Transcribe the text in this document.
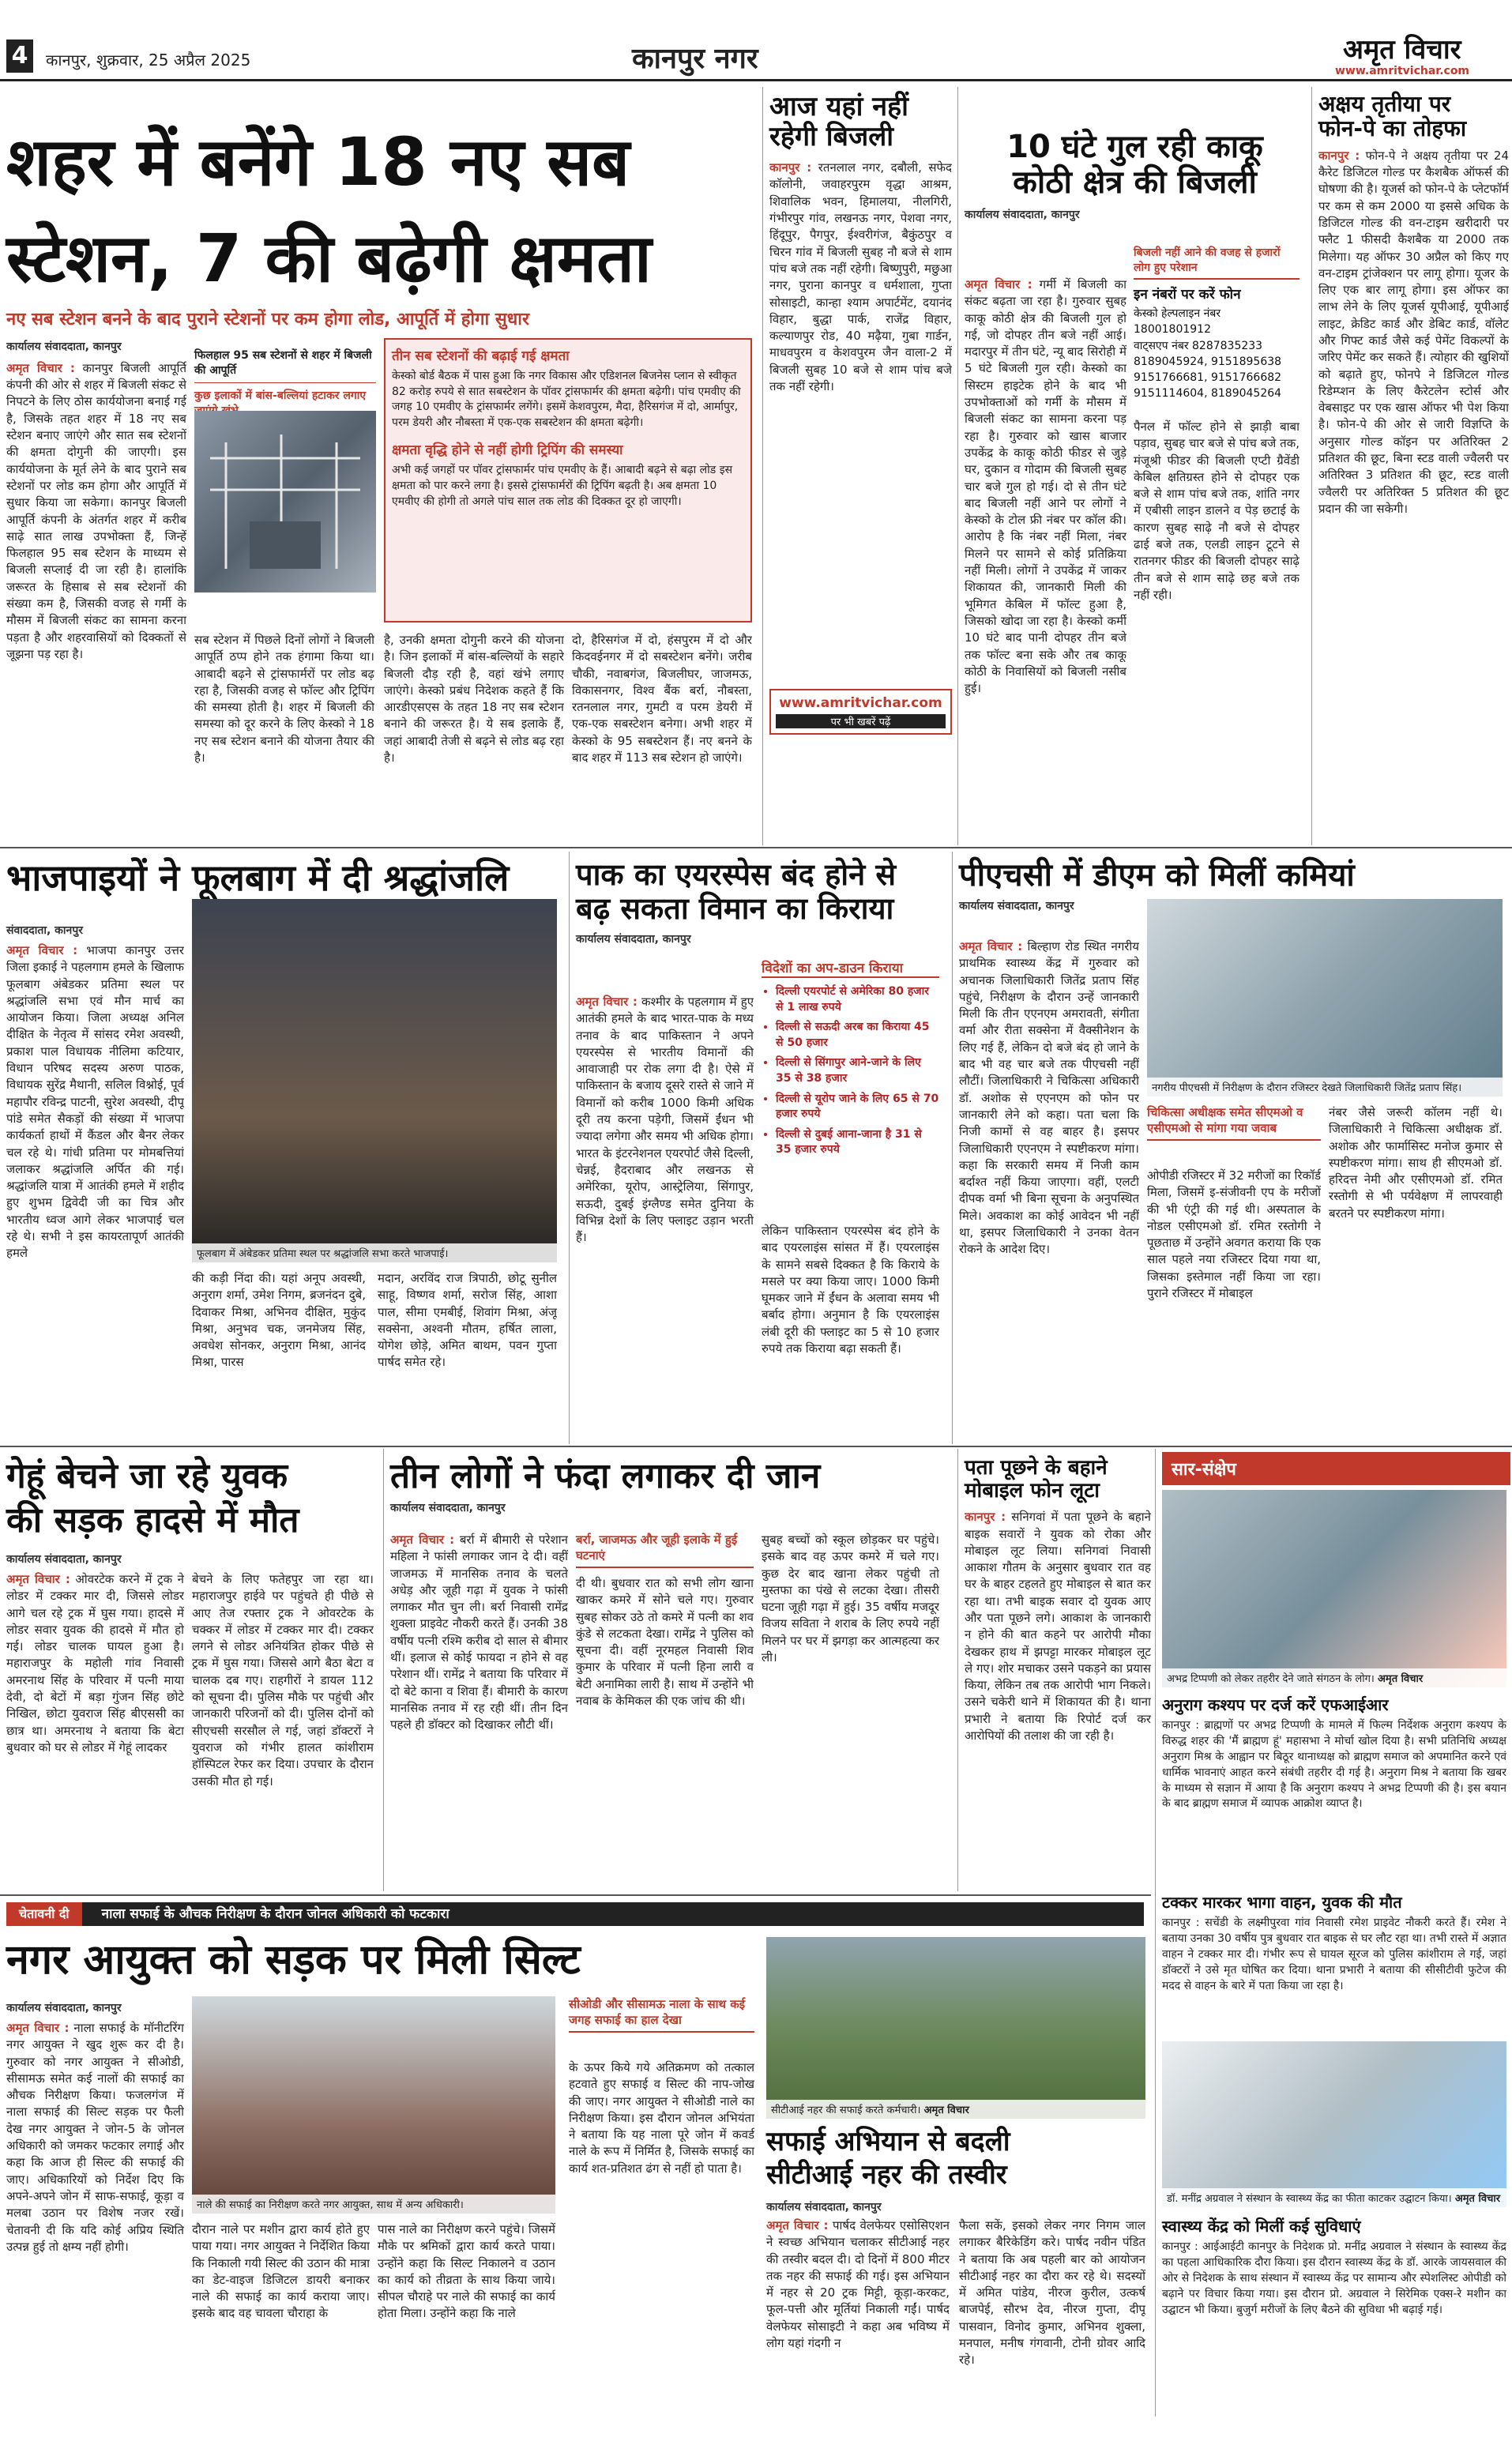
4	कानपुर, शुक्रवार, 25 अप्रैल 2025	कानपुर नगर	अमृत विचार
www.amritvichar.com
शहर में बनेंगे 18 नए सब
स्टेशन, 7 की बढ़ेगी क्षमता
नए सब स्टेशन बनने के बाद पुराने स्टेशनों पर कम होगा लोड, आपूर्ति में होगा सुधार
कार्यालय संवाददाता, कानपुर

अमृत विचार : कानपुर बिजली आपूर्ति कंपनी की ओर से शहर में बिजली संकट से निपटने के लिए ठोस कार्ययोजना बनाई गई है, जिसके तहत शहर में 18 नए सब स्टेशन बनाए जाएंगे और सात सब स्टेशनों की क्षमता दोगुनी की जाएगी। इस कार्ययोजना के मूर्त लेने के बाद पुराने सब स्टेशनों पर लोड कम होगा और आपूर्ति में सुधार किया जा सकेगा। कानपुर बिजली आपूर्ति कंपनी के अंतर्गत शहर में करीब साढ़े सात लाख उपभोक्ता हैं, जिन्हें फिलहाल 95 सब स्टेशन के माध्यम से बिजली सप्लाई दी जा रही है। हालांकि जरूरत के हिसाब से सब स्टेशनों की संख्या कम है, जिसकी वजह से गर्मी के मौसम में बिजली संकट का सामना करना पड़ता है और शहरवासियों को दिक्कतों से जूझना पड़ रहा है।

फिलहाल 95 सब स्टेशनों से शहर में बिजली की आपूर्ति
कुछ इलाकों में बांस-बल्लियां हटाकर लगाए
तीन सब स्टेशनों की बढ़ाई गई क्षमता
केस्को बोर्ड बैठक में पास हुआ कि नगर विकास और एडिशनल बिजनेस प्लान से स्वीकृत 82 करोड़ रुपये से सात सबस्टेशन के पॉवर ट्रांसफार्मर की क्षमता बढ़ेगी। पांच एमवीए की जगह 10 एमवीए के ट्रांसफार्मर लगेंगे। इसमें केशवपुरम, मैदा, हैरिसगंज में दो, आर्मापुर, परम डेयरी और नौबस्ता में एक-एक सबस्टेशन की क्षमता बढ़ेगी।
क्षमता वृद्धि होने से नहीं होगी ट्रिपिंग की समस्या
अभी कई जगहों पर पॉवर ट्रांसफार्मर पांच एमवीए के हैं। आबादी बढ़ने से बढ़ा लोड इस क्षमता को पार करने लगा है। इससे ट्रांसफार्मरों की ट्रिपिंग बढ़ती है। अब क्षमता 10 एमवीए की होगी तो अगले पांच साल तक लोड की दिक्कत दूर हो जाएगी।
सब स्टेशन में पिछले दिनों लोगों ने बिजली आपूर्ति ठप्प होने तक हंगामा किया था। आबादी बढ़ने से ट्रांसफार्मरों पर लोड बढ़ रहा है, जिसकी वजह से फॉल्ट और ट्रिपिंग की समस्या होती है। शहर में बिजली की समस्या को दूर करने के लिए केस्को ने 18 नए सब स्टेशन बनाने की योजना तैयार की है।
है, उनकी क्षमता दोगुनी करने की योजना है। जिन इलाकों में बांस-बल्लियों के सहारे बिजली दौड़ रही है, वहां खंभे लगाए जाएंगे। केस्को प्रबंध निदेशक कहते हैं कि आरडीएसएस के तहत 18 नए सब स्टेशन बनाने की जरूरत है। ये सब इलाके हैं, जहां आबादी तेजी से बढ़ने से लोड बढ़ रहा है।
दो, हैरिसगंज में दो, हंसपुरम में दो और किदवईनगर में दो सबस्टेशन बनेंगे। जरीब चौकी, नवाबगंज, बिजलीघर, जाजमऊ, विकासनगर, विश्व बैंक बर्रा, नौबस्ता, रतनलाल नगर, गुमटी व परम डेयरी में एक-एक सबस्टेशन बनेगा। अभी शहर में केस्को के 95 सबस्टेशन हैं। नए बनने के बाद शहर में 113 सब स्टेशन हो जाएंगे।
आज यहां नहीं
रहेगी बिजली
कानपुर : रतनलाल नगर, दबौली, सफेद कॉलोनी, जवाहरपुरम वृद्धा आश्रम, शिवालिक भवन, हिमालया, नीलगिरी, गंभीरपुर गांव, लखनऊ नगर, पेशवा नगर, हिंदूपुर, पैगपुर, ईश्वरीगंज, बैकुंठपुर व चिरन गांव में बिजली सुबह नौ बजे से शाम पांच बजे तक नहीं रहेगी। बिष्णुपुरी, मछुआ नगर, पुराना कानपुर व धर्मशाला, गुप्ता सोसाइटी, कान्हा श्याम अपार्टमेंट, दयानंद विहार, बुद्धा पार्क, राजेंद्र विहार, कल्याणपुर रोड, 40 मढ़ैया, गुबा गार्डन, माधवपुरम व केशवपुरम जैन वाला-2 में बिजली सुबह 10 बजे से शाम पांच बजे तक नहीं रहेगी।
www.amritvichar.com
पर भी खबरें पढ़ें
10 घंटे गुल रही काकू
कोठी क्षेत्र की बिजली
कार्यालय संवाददाता, कानपुर
अमृत विचार : गर्मी में बिजली का संकट बढ़ता जा रहा है। गुरुवार सुबह काकू कोठी क्षेत्र की बिजली गुल हो गई, जो दोपहर तीन बजे नहीं आई। मदारपुर में तीन घंटे, न्यू बाद सिरोही में 5 घंटे बिजली गुल रही। केस्को का सिस्टम हाइटेक होने के बाद भी उपभोक्ताओं को गर्मी के मौसम में बिजली संकट का सामना करना पड़ रहा है। गुरुवार को खास बाजार उपकेंद्र के काकू कोठी फीडर से जुड़े घर, दुकान व गोदाम की बिजली सुबह चार बजे गुल हो गई। दो से तीन घंटे बाद बिजली नहीं आने पर लोगों ने केस्को के टोल फ्री नंबर पर कॉल की। आरोप है कि नंबर नहीं मिला, नंबर मिलने पर सामने से कोई प्रतिक्रिया नहीं मिली। लोगों ने उपकेंद्र में जाकर शिकायत की, जानकारी मिली की भूमिगत केबिल में फॉल्ट हुआ है, जिसको खोदा जा रहा है। केस्को कर्मी 10 घंटे बाद पानी दोपहर तीन बजे तक फॉल्ट बना सके और तब काकू कोठी के निवासियों को बिजली नसीब हुई।
बिजली नहीं आने की वजह से हजारों लोग हुए परेशान
इन नंबरों पर करें फोन
केस्को हेल्पलाइन नंबर
18001801912
वाट्सएप नंबर 8287835233
8189045924, 9151895638
9151766681, 9151766682
9151114604, 8189045264
पैनल में फॉल्ट होने से झाड़ी बाबा पड़ाव, सुबह चार बजे से पांच बजे तक, मंजूश्री फीडर की बिजली एप्टी ग्रैवेंडी केबिल क्षतिग्रस्त होने से दोपहर एक बजे से शाम पांच बजे तक, शांति नगर में एबीसी लाइन डालने व पेड़ छटाई के कारण सुबह साढ़े नौ बजे से दोपहर ढाई बजे तक, एलडी लाइन टूटने से रातनगर फीडर की बिजली दोपहर साढ़े तीन बजे से शाम साढ़े छह बजे तक नहीं रही।
अक्षय तृतीया पर
फोन-पे का तोहफा
कानपुर : फोन-पे ने अक्षय तृतीया पर 24 कैरेट डिजिटल गोल्ड पर कैशबैक ऑफर्स की घोषणा की है। यूजर्स को फोन-पे के प्लेटफॉर्म पर कम से कम 2000 या इससे अधिक के डिजिटल गोल्ड की वन-टाइम खरीदारी पर फ्लैट 1 फीसदी कैशबैक या 2000 तक मिलेगा। यह ऑफर 30 अप्रैल को किए गए वन-टाइम ट्रांजेक्शन पर लागू होगा। यूजर के लिए एक बार लागू होगा। इस ऑफर का लाभ लेने के लिए यूजर्स यूपीआई, यूपीआई लाइट, क्रेडिट कार्ड और डेबिट कार्ड, वॉलेट और गिफ्ट कार्ड जैसे कई पेमेंट विकल्पों के जरिए पेमेंट कर सकते हैं। त्योहार की खुशियों को बढ़ाते हुए, फोनपे ने डिजिटल गोल्ड रिडेम्प्शन के लिए कैरेटलेन स्टोर्स और वेबसाइट पर एक खास ऑफर भी पेश किया है। फोन-पे की ओर से जारी विज्ञप्ति के अनुसार गोल्ड कॉइन पर अतिरिक्त 2 प्रतिशत की छूट, बिना स्टड वाली ज्वैलरी पर अतिरिक्त 3 प्रतिशत की छूट, स्टड वाली ज्वैलरी पर अतिरिक्त 5 प्रतिशत की छूट प्रदान की जा सकेगी।
भाजपाइयों ने फूलबाग में दी श्रद्धांजलि
संवाददाता, कानपुर
अमृत विचार : भाजपा कानपुर उत्तर जिला इकाई ने पहलगाम हमले के खिलाफ फूलबाग अंबेडकर प्रतिमा स्थल पर श्रद्धांजलि सभा एवं मौन मार्च का आयोजन किया। जिला अध्यक्ष अनिल दीक्षित के नेतृत्व में सांसद रमेश अवस्थी, प्रकाश पाल विधायक नीलिमा कटियार, विधान परिषद सदस्य अरुण पाठक, विधायक सुरेंद्र मैथानी, सलिल विश्नोई, पूर्व महापौर रविन्द्र पाटनी, सुरेश अवस्थी, दीपू पांडे समेत सैकड़ों की संख्या में भाजपा कार्यकर्ता हाथों में कैंडल और बैनर लेकर चल रहे थे। गांधी प्रतिमा पर मोमबत्तियां जलाकर श्रद्धांजलि अर्पित की गई। श्रद्धांजलि यात्रा में आतंकी हमले में शहीद हुए शुभम द्विवेदी जी का चित्र और भारतीय ध्वज आगे लेकर भाजपाई चल रहे थे। सभी ने इस कायरतापूर्ण आतंकी हमले	फूलबाग में अंबेडकर प्रतिमा स्थल पर श्रद्धांजलि सभा करते भाजपाई।
की कड़ी निंदा की। यहां अनूप अवस्थी, अनुराग शर्मा, उमेश निगम, ब्रजनंदन दुबे, दिवाकर मिश्रा, अभिनव दीक्षित, मुकुंद मिश्रा, अनुभव चक, जनमेजय सिंह, अवधेश सोनकर, अनुराग मिश्रा, आनंद मिश्रा, पारस
मदान, अरविंद राज त्रिपाठी, छोटू सुनील साहू, विष्णव शर्मा, सरोज सिंह, आशा पाल, सीमा एमबीई, शिवांग मिश्रा, अंजू सक्सेना, अश्वनी मौतम, हर्षित लाला, योगेश छोड़े, अमित बाथम, पवन गुप्ता पार्षद समेत रहे।
पाक का एयरस्पेस बंद होने से
बढ़ सकता विमान का किराया
कार्यालय संवाददाता, कानपुर
अमृत विचार : कश्मीर के पहलगाम में हुए आतंकी हमले के बाद भारत-पाक के मध्य तनाव के बाद पाकिस्तान ने अपने एयरस्पेस से भारतीय विमानों की आवाजाही पर रोक लगा दी है। ऐसे में पाकिस्तान के बजाय दूसरे रास्ते से जाने में विमानों को करीब 1000 किमी अधिक दूरी तय करना पड़ेगी, जिसमें ईंधन भी ज्यादा लगेगा और समय भी अधिक होगा। भारत के इंटरनेशनल एयरपोर्ट जैसे दिल्ली, चेन्नई, हैदराबाद और लखनऊ से अमेरिका, यूरोप, आस्ट्रेलिया, सिंगापुर, सऊदी, दुबई इंग्लैण्ड समेत दुनिया के विभिन्न देशों के लिए फ्लाइट उड़ान भरती हैं।
विदेशों का अप-डाउन किराया
• दिल्ली एयरपोर्ट से अमेरिका 80 हजार से 1 लाख रुपये
• दिल्ली से सऊदी अरब का किराया 45 से 50 हजार
• दिल्ली से सिंगापुर आने-जाने के लिए 35 से 38 हजार
• दिल्ली से यूरोप जाने के लिए 65 से 70 हजार रुपये
• दिल्ली से दुबई आना-जाना है 31 से 35 हजार रुपये
लेकिन पाकिस्तान एयरस्पेस बंद होने के बाद एयरलाइंस सांसत में हैं। एयरलाइंस के सामने सबसे दिक्कत है कि किराये के मसले पर क्या किया जाए। 1000 किमी घूमकर जाने में ईंधन के अलावा समय भी बर्बाद होगा। अनुमान है कि एयरलाइंस लंबी दूरी की फ्लाइट का 5 से 10 हजार रुपये तक किराया बढ़ा सकती हैं।
पीएचसी में डीएम को मिलीं कमियां
कार्यालय संवाददाता, कानपुर
अमृत विचार : बिल्हाण रोड स्थित नगरीय प्राथमिक स्वास्थ्य केंद्र में गुरुवार को अचानक जिलाधिकारी जितेंद्र प्रताप सिंह पहुंचे, निरीक्षण के दौरान उन्हें जानकारी मिली कि तीन एएनएम अमरावती, संगीता वर्मा और रीता सक्सेना में वैक्सीनेशन के लिए गई हैं, लेकिन दो बजे बंद हो जाने के बाद भी वह चार बजे तक पीएचसी नहीं लौटीं। जिलाधिकारी ने चिकित्सा अधिकारी डॉ. अशोक से एएनएम को फोन पर जानकारी लेने को कहा। पता चला कि निजी कामों से वह बाहर है। इसपर जिलाधिकारी एएनएम ने स्पष्टीकरण मांगा। कहा कि सरकारी समय में निजी काम बर्दाश्त नहीं किया जाएगा। वहीं, एलटी दीपक वर्मा भी बिना सूचना के अनुपस्थित मिले। अवकाश का कोई आवेदन भी नहीं था, इसपर जिलाधिकारी ने उनका वेतन रोकने के आदेश दिए।
नगरीय पीएचसी में निरीक्षण के दौरान रजिस्टर देखते जिलाधिकारी जितेंद्र प्रताप सिंह।
चिकित्सा अधीक्षक समेत सीएमओ व एसीएमओ से मांगा गया जवाब
ओपीडी रजिस्टर में 32 मरीजों का रिकॉर्ड मिला, जिसमें इ-संजीवनी एप के मरीजों की भी एंट्री की गई थी। अस्पताल के नोडल एसीएमओ डॉ. रमित रस्तोगी ने पूछताछ में उन्होंने अवगत कराया कि एक साल पहले नया रजिस्टर दिया गया था, जिसका इस्तेमाल नहीं किया जा रहा। पुराने रजिस्टर में मोबाइल
नंबर जैसे जरूरी कॉलम नहीं थे। जिलाधिकारी ने चिकित्सा अधीक्षक डॉ. अशोक और फार्मासिस्ट मनोज कुमार से स्पष्टीकरण मांगा। साथ ही सीएमओ डॉ. हरिदत्त नेमी और एसीएमओ डॉ. रमित रस्तोगी से भी पर्यवेक्षण में लापरवाही बरतने पर स्पष्टीकरण मांगा।
गेहूं बेचने जा रहे युवक
की सड़क हादसे में मौत
कार्यालय संवाददाता, कानपुर
अमृत विचार : ओवरटेक करने में ट्रक ने लोडर में टक्कर मार दी, जिससे लोडर आगे चल रहे ट्रक में घुस गया। हादसे में लोडर सवार युवक की हादसे में मौत हो गई। लोडर चालक घायल हुआ है। महाराजपुर के महोली गांव निवासी अमरनाथ सिंह के परिवार में पत्नी माया देवी, दो बेटों में बड़ा गुंजन सिंह छोटे निखिल, छोटा युवराज सिंह बीएससी का छात्र था। अमरनाथ ने बताया कि बेटा बुधवार को घर से लोडर में गेहूं लादकर
बेचने के लिए फतेहपुर जा रहा था। महाराजपुर हाईवे पर पहुंचते ही पीछे से आए तेज रफ्तार ट्रक ने ओवरटेक के चक्कर में लोडर में टक्कर मार दी। टक्कर लगने से लोडर अनियंत्रित होकर पीछे से ट्रक में घुस गया। जिससे आगे बैठा बेटा व चालक दब गए। राहगीरों ने डायल 112 को सूचना दी। पुलिस मौके पर पहुंची और जानकारी परिजनों को दी। पुलिस दोनों को सीएचसी सरसौल ले गई, जहां डॉक्टरों ने युवराज को गंभीर हालत कांशीराम हॉस्पिटल रेफर कर दिया। उपचार के दौरान उसकी मौत हो गई।
तीन लोगों ने फंदा लगाकर दी जान
कार्यालय संवाददाता, कानपुर
अमृत विचार : बर्रा में बीमारी से परेशान महिला ने फांसी लगाकर जान दे दी। वहीं जाजमऊ में मानसिक तनाव के चलते अधेड़ और जूही गढ़ा में युवक ने फांसी लगाकर मौत चुन ली। बर्रा निवासी रामेंद्र शुक्ला प्राइवेट नौकरी करते हैं। उनकी 38 वर्षीय पत्नी रश्मि करीब दो साल से बीमार थीं। इलाज से कोई फायदा न होने से वह परेशान थीं। रामेंद्र ने बताया कि परिवार में दो बेटे काना व शिवा हैं। बीमारी के कारण मानसिक तनाव में रह रही थीं। तीन दिन पहले ही डॉक्टर को दिखाकर लौटी थीं।
बर्रा, जाजमऊ और जूही इलाके में हुई घटनाएं
दी थी। बुधवार रात को सभी लोग खाना खाकर कमरे में सोने चले गए। गुरुवार सुबह सोकर उठे तो कमरे में पत्नी का शव कुंडे से लटकता देखा। रामेंद्र ने पुलिस को सूचना दी। वहीं नूरमहल निवासी शिव कुमार के परिवार में पत्नी हिना लारी व बेटी अनामिका लारी है। साथ में उन्होंने भी नवाब के केमिकल की एक जांच की थी।
सुबह बच्चों को स्कूल छोड़कर घर पहुंचे। इसके बाद वह ऊपर कमरे में चले गए। कुछ देर बाद खाना लेकर पहुंची तो मुस्तफा का पंखे से लटका देखा। तीसरी घटना जूही गढ़ा में हुई। 35 वर्षीय मजदूर विजय सविता ने शराब के लिए रुपये नहीं मिलने पर घर में झगड़ा कर आत्महत्या कर ली।
पता पूछने के बहाने
मोबाइल फोन लूटा
कानपुर : सनिगवां में पता पूछने के बहाने बाइक सवारों ने युवक को रोका और मोबाइल लूट लिया। सनिगवां निवासी आकाश गौतम के अनुसार बुधवार रात वह घर के बाहर टहलते हुए मोबाइल से बात कर रहा था। तभी बाइक सवार दो युवक आए और पता पूछने लगे। आकाश के जानकारी न होने की बात कहने पर आरोपी मौका देखकर हाथ में झपट्टा मारकर मोबाइल लूट ले गए। शोर मचाकर उसने पकड़ने का प्रयास किया, लेकिन तब तक आरोपी भाग निकले। उसने चकेरी थाने में शिकायत की है। थाना प्रभारी ने बताया कि रिपोर्ट दर्ज कर आरोपियों की तलाश की जा रही है।
सार-संक्षेप
अभद्र टिप्पणी को लेकर तहरीर देने जाते संगठन के लोग। अमृत विचार
अनुराग कश्यप पर दर्ज करें एफआईआर
कानपुर : ब्राह्मणों पर अभद्र टिप्पणी के मामले में फिल्म निर्देशक अनुराग कश्यप के विरुद्ध शहर की 'मैं ब्राह्मण हूं' महासभा ने मोर्चा खोल दिया है। सभी प्रतिनिधि अध्यक्ष अनुराग मिश्र के आह्वान पर बिठूर थानाध्यक्ष को ब्राह्मण समाज को अपमानित करने एवं धार्मिक भावनाएं आहत करने संबंधी तहरीर दी गई है। अनुराग मिश्र ने बताया कि खबर के माध्यम से सज्ञान में आया है कि अनुराग कश्यप ने अभद्र टिप्पणी की है। इस बयान के बाद ब्राह्मण समाज में व्यापक आक्रोश व्याप्त है।
टक्कर मारकर भागा वाहन, युवक की मौत
कानपुर : सचेंडी के लक्ष्मीपुरवा गांव निवासी रमेश प्राइवेट नौकरी करते हैं। रमेश ने बताया उनका 30 वर्षीय पुत्र बुधवार रात बाइक से घर लौट रहा था। तभी रास्ते में अज्ञात वाहन ने टक्कर मार दी। गंभीर रूप से घायल सूरज को पुलिस कांशीराम ले गई, जहां डॉक्टरों ने उसे मृत घोषित कर दिया। थाना प्रभारी ने बताया की सीसीटीवी फुटेज की मदद से वाहन के बारे में पता किया जा रहा है।
डॉ. मनींद्र अग्रवाल ने संस्थान के स्वास्थ्य केंद्र का फीता काटकर उद्घाटन किया। अमृत विचार
स्वास्थ्य केंद्र को मिलीं कई सुविधाएं
कानपुर : आईआईटी कानपुर के निदेशक प्रो. मनींद्र अग्रवाल ने संस्थान के स्वास्थ्य केंद्र का पहला आधिकारिक दौरा किया। इस दौरान स्वास्थ्य केंद्र के डॉ. आरके जायसवाल की ओर से निदेशक के साथ संस्थान में स्वास्थ्य केंद्र पर सामान्य और स्पेशलिस्ट ओपीडी को बढ़ाने पर विचार किया गया। इस दौरान प्रो. अग्रवाल ने सिरेमिक एक्स-रे मशीन का उद्घाटन भी किया। बुजुर्ग मरीजों के लिए बैठने की सुविधा भी बढ़ाई गई।
चेतावनी दी नाला सफाई के औचक निरीक्षण के दौरान जोनल अधिकारी को फटकारा
नगर आयुक्त को सड़क पर मिली सिल्ट
कार्यालय संवाददाता, कानपुर
अमृत विचार : नाला सफाई के मॉनीटरिंग नगर आयुक्त ने खुद शुरू कर दी है। गुरुवार को नगर आयुक्त ने सीओडी, सीसामऊ समेत कई नालों की सफाई का औचक निरीक्षण किया। फजलगंज में नाला सफाई की सिल्ट सड़क पर फैली देख नगर आयुक्त ने जोन-5 के जोनल अधिकारी को जमकर फटकार लगाई और कहा कि आज ही सिल्ट की सफाई की जाए। अधिकारियों को निर्देश दिए कि अपने-अपने जोन में साफ-सफाई, कूड़ा व मलबा उठान पर विशेष नजर रखें। चेतावनी दी कि यदि कोई अप्रिय स्थिति उत्पन्न हुई तो क्षम्य नहीं होगी।
नाले की सफाई का निरीक्षण करते नगर आयुक्त, साथ में अन्य अधिकारी।
दौरान नाले पर मशीन द्वारा कार्य होते हुए पाया गया। नगर आयुक्त ने निर्देशित किया कि निकाली गयी सिल्ट की उठान की मात्रा का डेट-वाइज डिजिटल डायरी बनाकर नाले की सफाई का कार्य कराया जाए। इसके बाद वह चावला चौराहा के
पास नाले का निरीक्षण करने पहुंचे। जिसमें मौके पर श्रमिकों द्वारा कार्य करते पाया। उन्होंने कहा कि सिल्ट निकालने व उठान का कार्य को तीव्रता के साथ किया जाये। सीपल चौराहे पर नाले की सफाई का कार्य होता मिला। उन्होंने कहा कि नाले
सीओडी और सीसामऊ नाला के साथ कई जगह सफाई का हाल देखा
के ऊपर किये गये अतिक्रमण को तत्काल हटवाते हुए सफाई व सिल्ट की नाप-जोख की जाए। नगर आयुक्त ने सीओडी नाले का निरीक्षण किया। इस दौरान जोनल अभियंता ने बताया कि यह नाला पूरे जोन में कवर्ड नाले के रूप में निर्मित है, जिसके सफाई का कार्य शत-प्रतिशत ढंग से नहीं हो पाता है।
सीटीआई नहर की सफाई करते कर्मचारी। अमृत विचार
सफाई अभियान से बदली
सीटीआई नहर की तस्वीर
कार्यालय संवाददाता, कानपुर
अमृत विचार : पार्षद वेलफेयर एसोसिएशन ने स्वच्छ अभियान चलाकर सीटीआई नहर की तस्वीर बदल दी। दो दिनों में 800 मीटर तक नहर की सफाई की गई। इस अभियान में नहर से 20 ट्रक मिट्टी, कूड़ा-करकट, फूल-पत्ती और मूर्तियां निकाली गईं। पार्षद वेलफेयर सोसाइटी ने कहा अब भविष्य में लोग यहां गंदगी न
फैला सकें, इसको लेकर नगर निगम जाल लगाकर बैरिकेडिंग करे। पार्षद नवीन पंडित ने बताया कि अब पहली बार को आयोजन सीटीआई नहर का दौरा कर रहे थे। सदस्यों में अमित पांडेय, नीरज कुरील, उत्कर्ष बाजपेई, सौरभ देव, नीरज गुप्ता, दीपू पासवान, विनोद कुमार, अभिनव शुक्ला, मनपाल, मनीष गंगवानी, टोनी ग्रोवर आदि रहे।
